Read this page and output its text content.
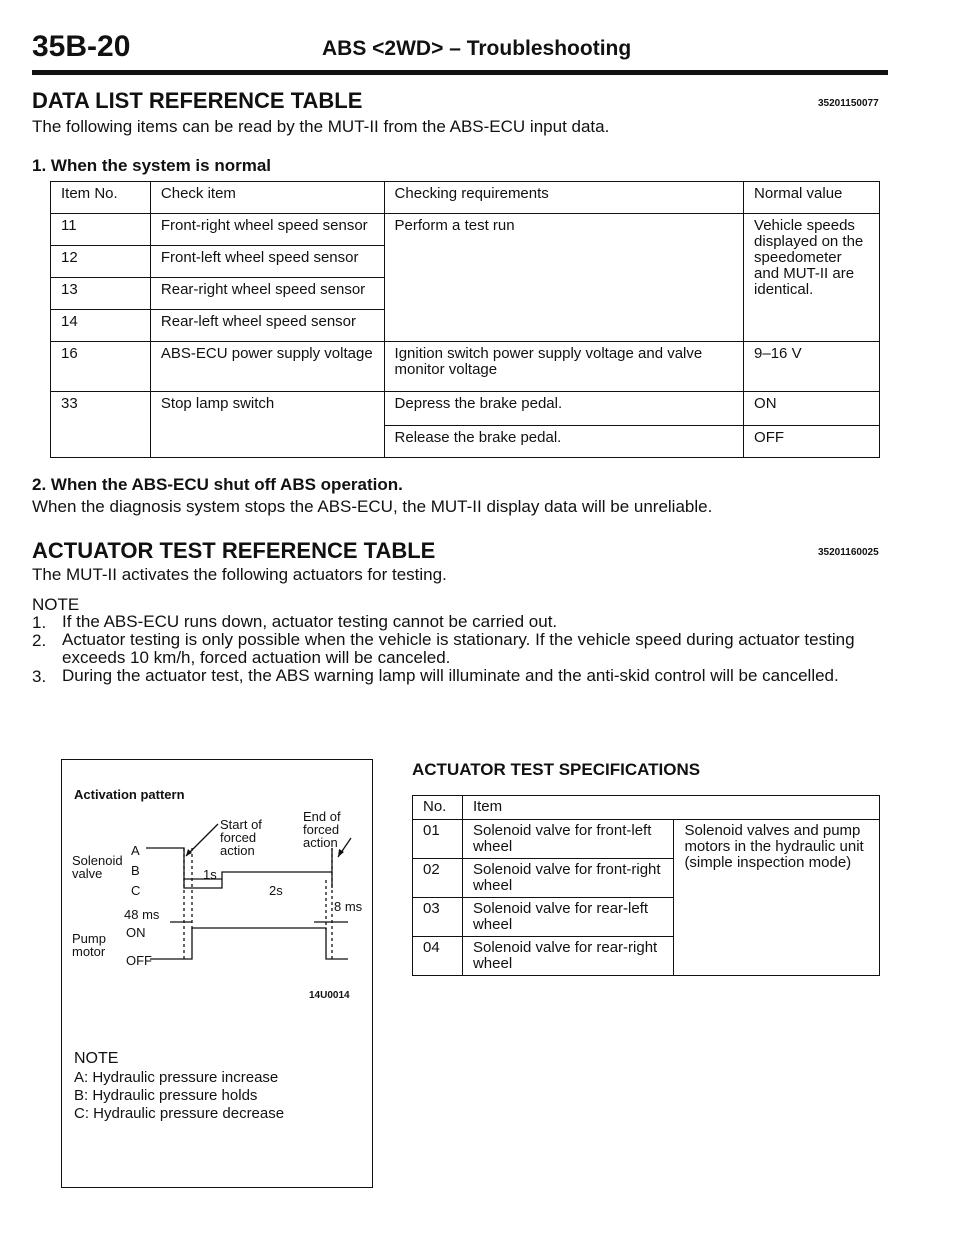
35B-20	ABS <2WD> – Troubleshooting
DATA LIST REFERENCE TABLE	35201150077
The following items can be read by the MUT-II from the ABS-ECU input data.
1. When the system is normal
Item No.	Check item	Checking requirements	Normal value
11	Front-right wheel speed sensor	Perform a test run	Vehicle speeds displayed on the speedometer and MUT-II are identical.
12	Front-left wheel speed sensor		
13	Rear-right wheel speed sensor		
14	Rear-left wheel speed sensor		
16	ABS-ECU power supply voltage	Ignition switch power supply voltage and valve monitor voltage	9–16 V
33	Stop lamp switch	Depress the brake pedal.	ON
		Release the brake pedal.	OFF
2. When the ABS-ECU shut off ABS operation.
When the diagnosis system stops the ABS-ECU, the MUT-II display data will be unreliable.
ACTUATOR TEST REFERENCE TABLE	35201160025
The MUT-II activates the following actuators for testing.
NOTE
1. If the ABS-ECU runs down, actuator testing cannot be carried out.
2. Actuator testing is only possible when the vehicle is stationary. If the vehicle speed during actuator testing exceeds 10 km/h, forced actuation will be canceled.
3. During the actuator test, the ABS warning lamp will illuminate and the anti-skid control will be cancelled.
Activation pattern
Start of forced action
End of forced action
Solenoid valve
A
B
C
1s
2s
8 ms
48 ms
Pump motor
ON
OFF
14U0014
NOTE
A: Hydraulic pressure increase
B: Hydraulic pressure holds
C: Hydraulic pressure decrease
ACTUATOR TEST SPECIFICATIONS
No.	Item	
01	Solenoid valve for front-left wheel	Solenoid valves and pump motors in the hydraulic unit (simple inspection mode)
02	Solenoid valve for front-right wheel	
03	Solenoid valve for rear-left wheel	
04	Solenoid valve for rear-right wheel	
